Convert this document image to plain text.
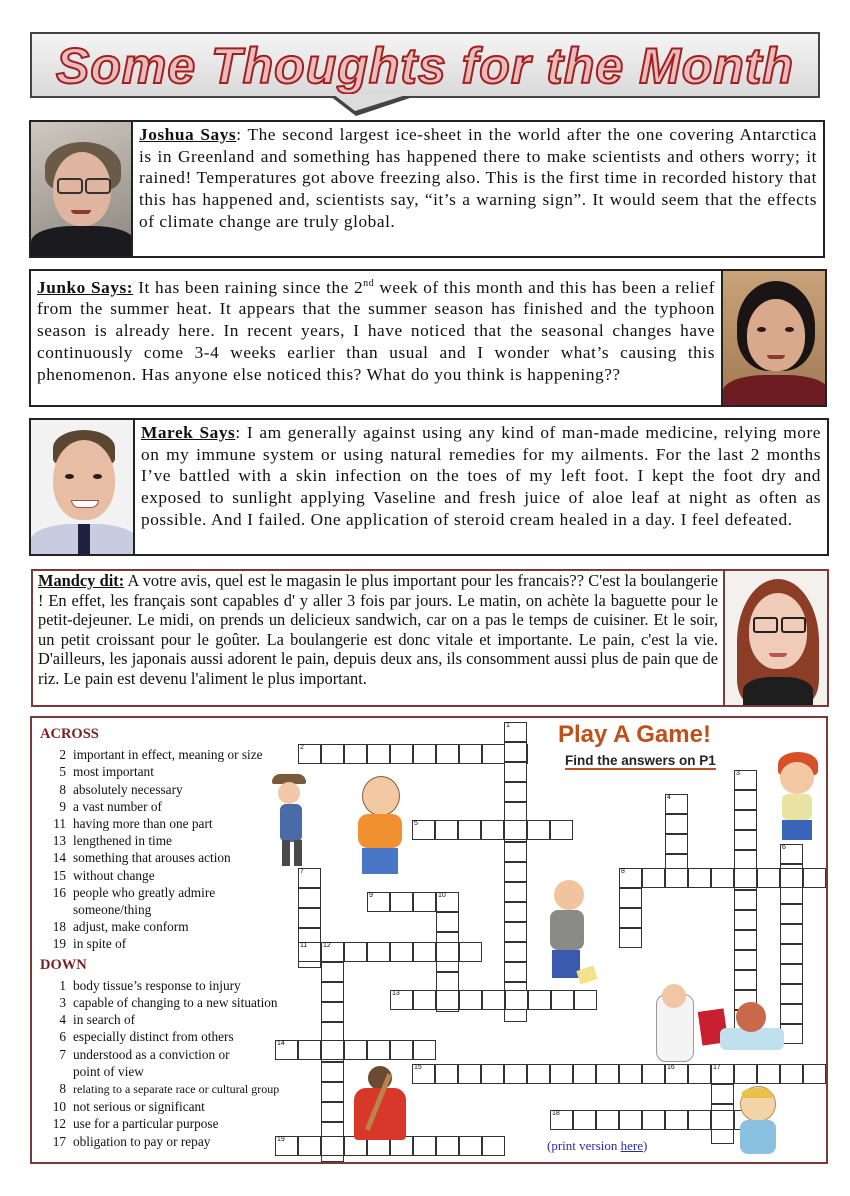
Some Thoughts for the Month
Joshua Says: The second largest ice-sheet in the world after the one covering Antarctica is in Greenland and something has happened there to make scientists and others worry; it rained! Temperatures got above freezing also. This is the first time in recorded history that this has happened and, scientists say, “it’s a warning sign”. It would seem that the effects of climate change are truly global.
Junko Says: It has been raining since the 2nd week of this month and this has been a relief from the summer heat. It appears that the summer season has finished and the typhoon season is already here. In recent years, I have noticed that the seasonal changes have continuously come 3-4 weeks earlier than usual and I wonder what’s causing this phenomenon. Has anyone else noticed this? What do you think is happening??
Marek Says: I am generally against using any kind of man-made medicine, relying more on my immune system or using natural remedies for my ailments. For the last 2 months I’ve battled with a skin infection on the toes of my left foot. I kept the foot dry and exposed to sunlight applying Vaseline and fresh juice of aloe leaf at night as often as possible. And I failed. One application of steroid cream healed in a day. I feel defeated.
Mandcy dit: A votre avis, quel est le magasin le plus important pour les francais?? C'est la boulangerie ! En effet, les français sont capables d' y aller 3 fois par jours. Le matin, on achète la baguette pour le petit-dejeuner. Le midi, on prends un delicieux sandwich, car on a pas le temps de cuisiner. Et le soir, un petit croissant pour le goûter. La boulangerie est donc vitale et importante. Le pain, c'est la vie. D'ailleurs, les japonais aussi adorent le pain, depuis deux ans, ils consomment aussi plus de pain que de riz. Le pain est devenu l'aliment le plus important.
ACROSS
2 important in effect, meaning or size
5 most important
8 absolutely necessary
9 a vast number of
11 having more than one part
13 lengthened in time
14 something that arouses action
15 without change
16 people who greatly admire
someone/thing
18 adjust, make conform
19 in spite of
DOWN
1 body tissue’s response to injury
3 capable of changing to a new situation
4 in search of
6 especially distinct from others
7 understood as a conviction or
point of view
8 relating to a separate race or cultural group
10 not serious or significant
12 use for a particular purpose
17 obligation to pay or repay
2
1
3
4
5
6
7	8
9	10
11 12
13
14
15	16	17
18
19
Play A Game!
Find the answers on P1
(print version here)
